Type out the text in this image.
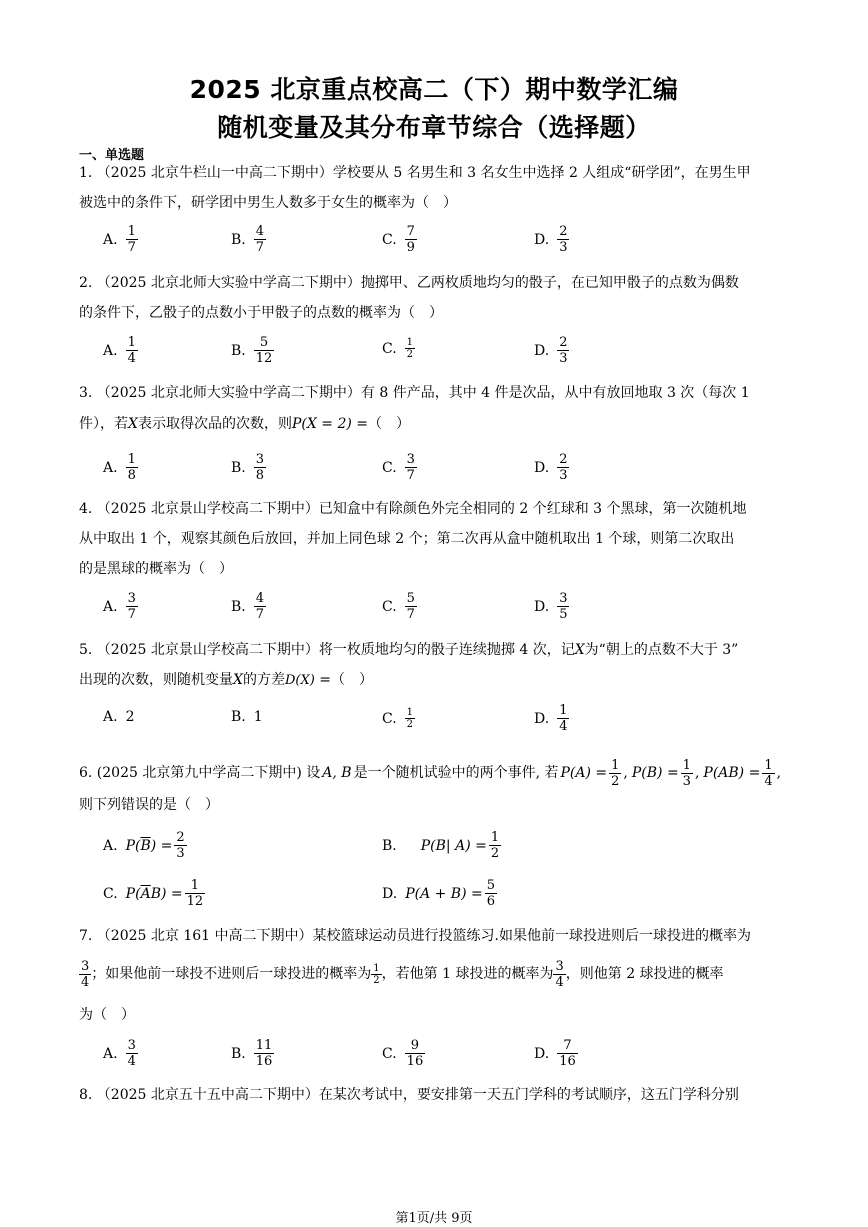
2025 北京重点校高二（下）期中数学汇编
随机变量及其分布章节综合（选择题）
一、单选题
1. （2025 北京牛栏山一中高二下期中）学校要从 5 名男生和 3 名女生中选择 2 人组成“研学团”，在男生甲
被选中的条件下，研学团中男生人数多于女生的概率为（　）
A. $\frac{1}{7}$	B. $\frac{4}{7}$	C. $\frac{7}{9}$	D. $\frac{2}{3}$
2. （2025 北京北师大实验中学高二下期中）抛掷甲、乙两枚质地均匀的骰子，在已知甲骰子的点数为偶数
的条件下，乙骰子的点数小于甲骰子的点数的概率为（　）
A. $\frac{1}{4}$	B. $\frac{5}{12}$	C. $\frac{1}{2}$	D. $\frac{2}{3}$
3. （2025 北京北师大实验中学高二下期中）有 8 件产品，其中 4 件是次品，从中有放回地取 3 次（每次 1
件），若X表示取得次品的次数，则P(X = 2) =（　）
A. $\frac{1}{8}$	B. $\frac{3}{8}$	C. $\frac{3}{7}$	D. $\frac{2}{3}$
4. （2025 北京景山学校高二下期中）已知盒中有除颜色外完全相同的 2 个红球和 3 个黑球，第一次随机地
从中取出 1 个，观察其颜色后放回，并加上同色球 2 个；第二次再从盒中随机取出 1 个球，则第二次取出
的是黑球的概率为（　）
A. $\frac{3}{7}$	B. $\frac{4}{7}$	C. $\frac{5}{7}$	D. $\frac{3}{5}$
5. （2025 北京景山学校高二下期中）将一枚质地均匀的骰子连续抛掷 4 次，记X为“朝上的点数不大于 3”
出现的次数，则随机变量X的方差D(X) =（　）
A. 2	B. 1	C. $\frac{1}{2}$	D. $\frac{1}{4}$
6. (2025 北京第九中学高二下期中) 设 A, B 是一个随机试验中的两个事件, 若 $P(A) = \frac{1}{2}$ , $P(B) = \frac{1}{3}$ , $P(AB) = \frac{1}{4}$ ,
则下列错误的是（　）
A. $P(\overline{B}) = \frac{2}{3}$	B. P(B| $A) = \frac{1}{2}$
C. $P(\overline{A}B) = \frac{1}{12}$	D. $P(A + B) = \frac{5}{6}$
7. （2025 北京 161 中高二下期中）某校篮球运动员进行投篮练习.如果他前一球投进则后一球投进的概率为
$\frac{3}{4}$ ；如果他前一球投不进则后一球投进的概率为 $\frac{1}{2}$ ，若他第 1 球投进的概率为 $\frac{3}{4}$ ，则他第 2 球投进的概率
为（　）
A. $\frac{3}{4}$	B. $\frac{11}{16}$	C. $\frac{9}{16}$	D. $\frac{7}{16}$
8. （2025 北京五十五中高二下期中）在某次考试中，要安排第一天五门学科的考试顺序，这五门学科分别
第1页/共 9页
